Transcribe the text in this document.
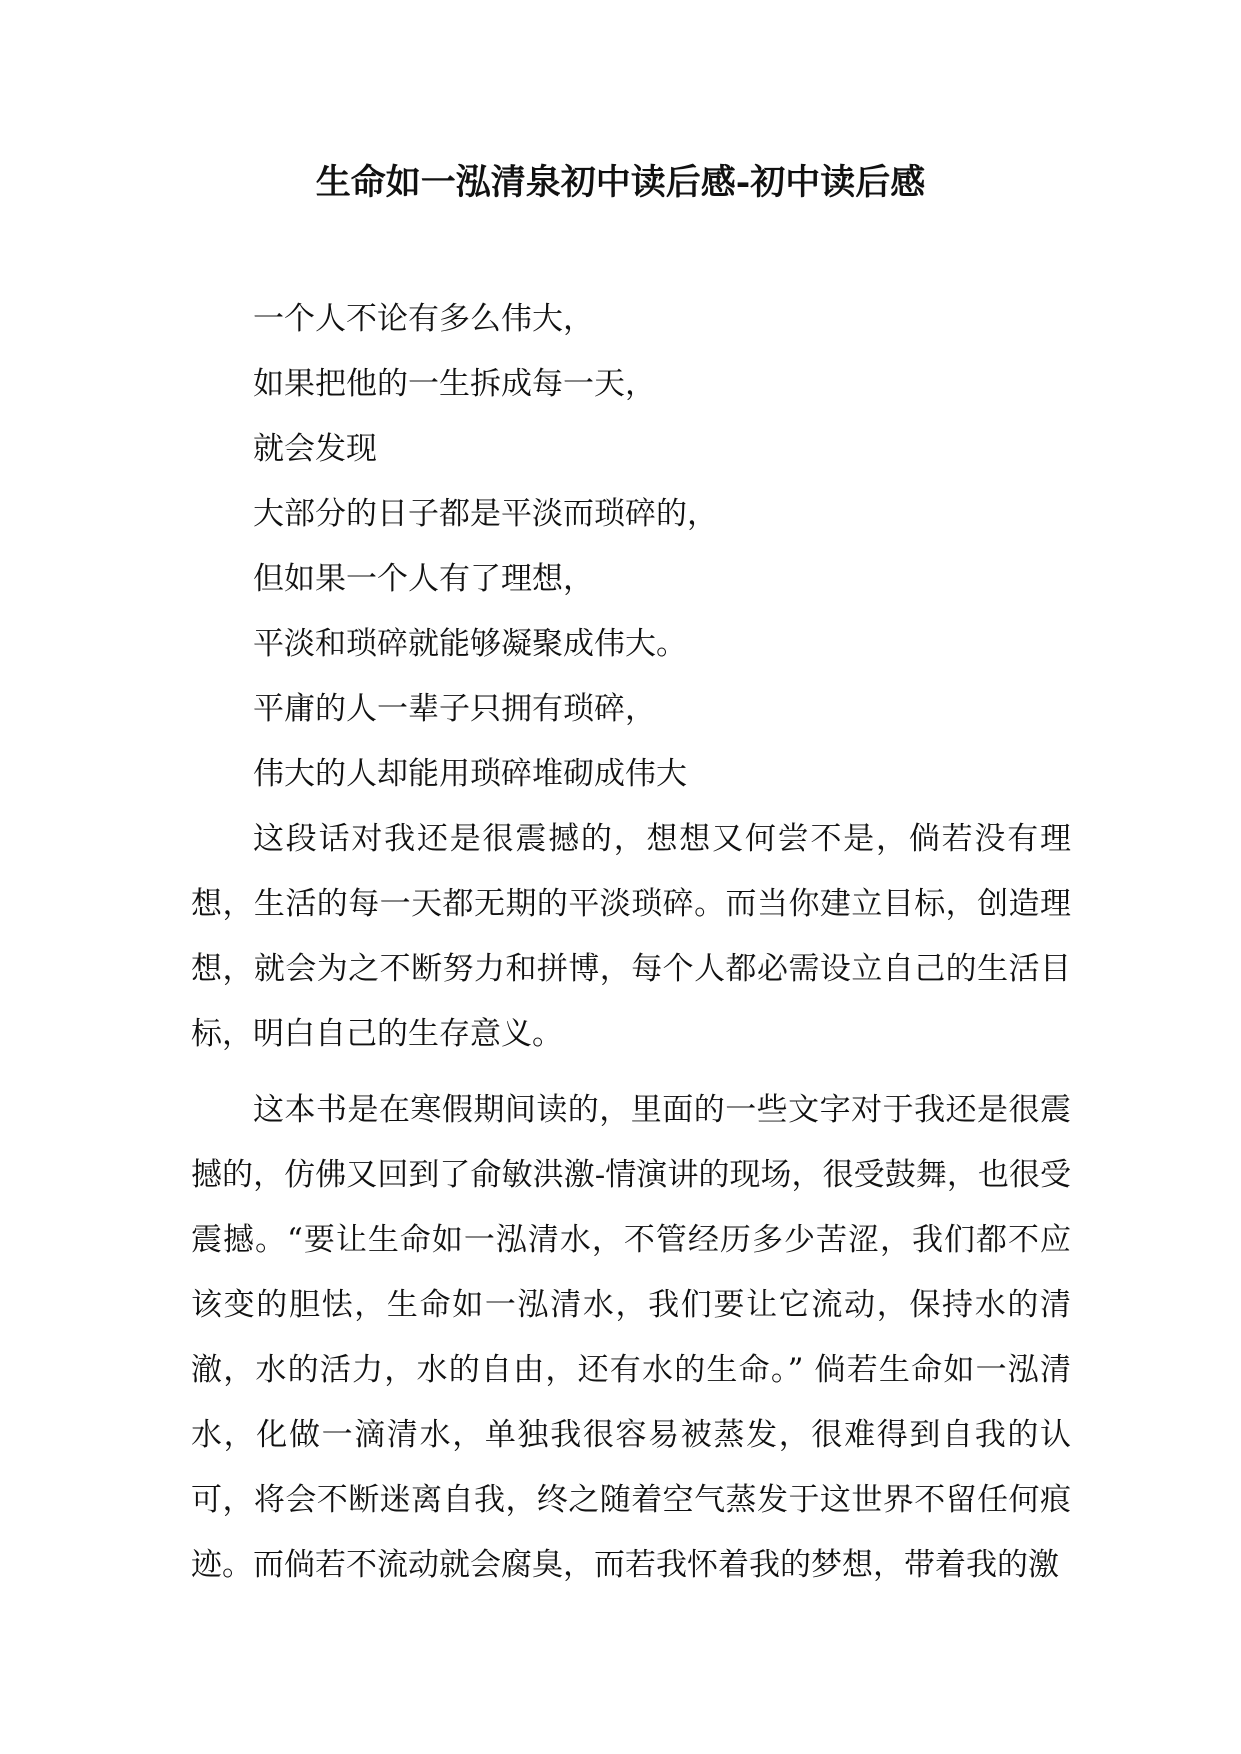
生命如一泓清泉初中读后感-初中读后感

一个人不论有多么伟大，

如果把他的一生拆成每一天，

就会发现

大部分的日子都是平淡而琐碎的，

但如果一个人有了理想，

平淡和琐碎就能够凝聚成伟大。

平庸的人一辈子只拥有琐碎，

伟大的人却能用琐碎堆砌成伟大

这段话对我还是很震撼的，想想又何尝不是，倘若没有理想，生活的每一天都无期的平淡琐碎。而当你建立目标，创造理想，就会为之不断努力和拼博，每个人都必需设立自己的生活目标，明白自己的生存意义。

这本书是在寒假期间读的，里面的一些文字对于我还是很震撼的，仿佛又回到了俞敏洪激-情演讲的现场，很受鼓舞，也很受震撼。“要让生命如一泓清水，不管经历多少苦涩，我们都不应该变的胆怯，生命如一泓清水，我们要让它流动，保持水的清澈，水的活力，水的自由，还有水的生命。” 倘若生命如一泓清水，化做一滴清水，单独我很容易被蒸发，很难得到自我的认可，将会不断迷离自我，终之随着空气蒸发于这世界不留任何痕迹。而倘若不流动就会腐臭，而若我怀着我的梦想，带着我的激
